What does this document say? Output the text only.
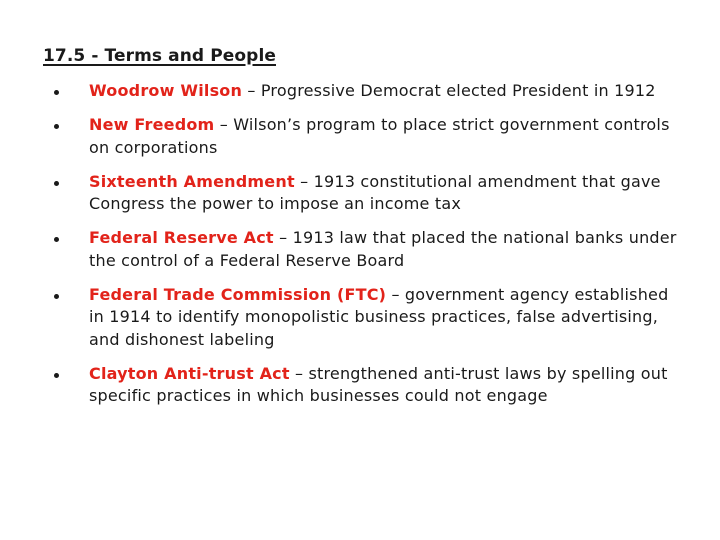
17.5 - Terms and People
Woodrow Wilson – Progressive Democrat elected President in 1912
New Freedom – Wilson’s program to place strict government controls on corporations
Sixteenth Amendment – 1913 constitutional amendment that gave Congress the power to impose an income tax
Federal Reserve Act – 1913 law that placed the national banks under the control of a Federal Reserve Board
Federal Trade Commission (FTC) – government agency established in 1914 to identify monopolistic business practices, false advertising, and dishonest labeling
Clayton Anti-trust Act – strengthened anti-trust laws by spelling out specific practices in which businesses could not engage
